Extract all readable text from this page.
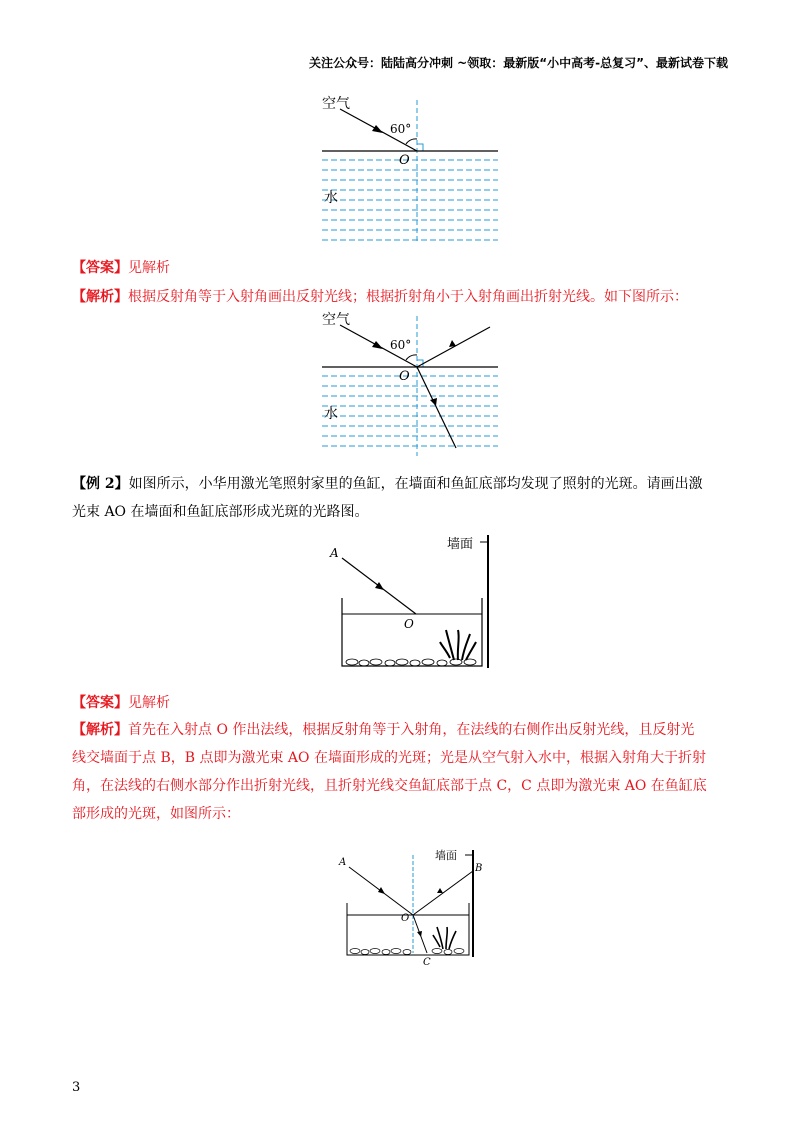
关注公众号：陆陆高分冲刺 ~领取：最新版“小中高考-总复习”、最新试卷下载
空气
60°
O
水
【答案】见解析
【解析】根据反射角等于入射角画出反射光线；根据折射角小于入射角画出折射光线。如下图所示：
空气
60°
O
水
【例 2】如图所示，小华用激光笔照射家里的鱼缸，在墙面和鱼缸底部均发现了照射的光斑。请画出激
光束 AO 在墙面和鱼缸底部形成光斑的光路图。
墙面
A
O
【答案】见解析
【解析】首先在入射点 O 作出法线，根据反射角等于入射角，在法线的右侧作出反射光线，且反射光
线交墙面于点 B，B 点即为激光束 AO 在墙面形成的光斑；光是从空气射入水中，根据入射角大于折射
角，在法线的右侧水部分作出折射光线，且折射光线交鱼缸底部于点 C，C 点即为激光束 AO 在鱼缸底
部形成的光斑，如图所示：
墙面
A
B
O
C
3
